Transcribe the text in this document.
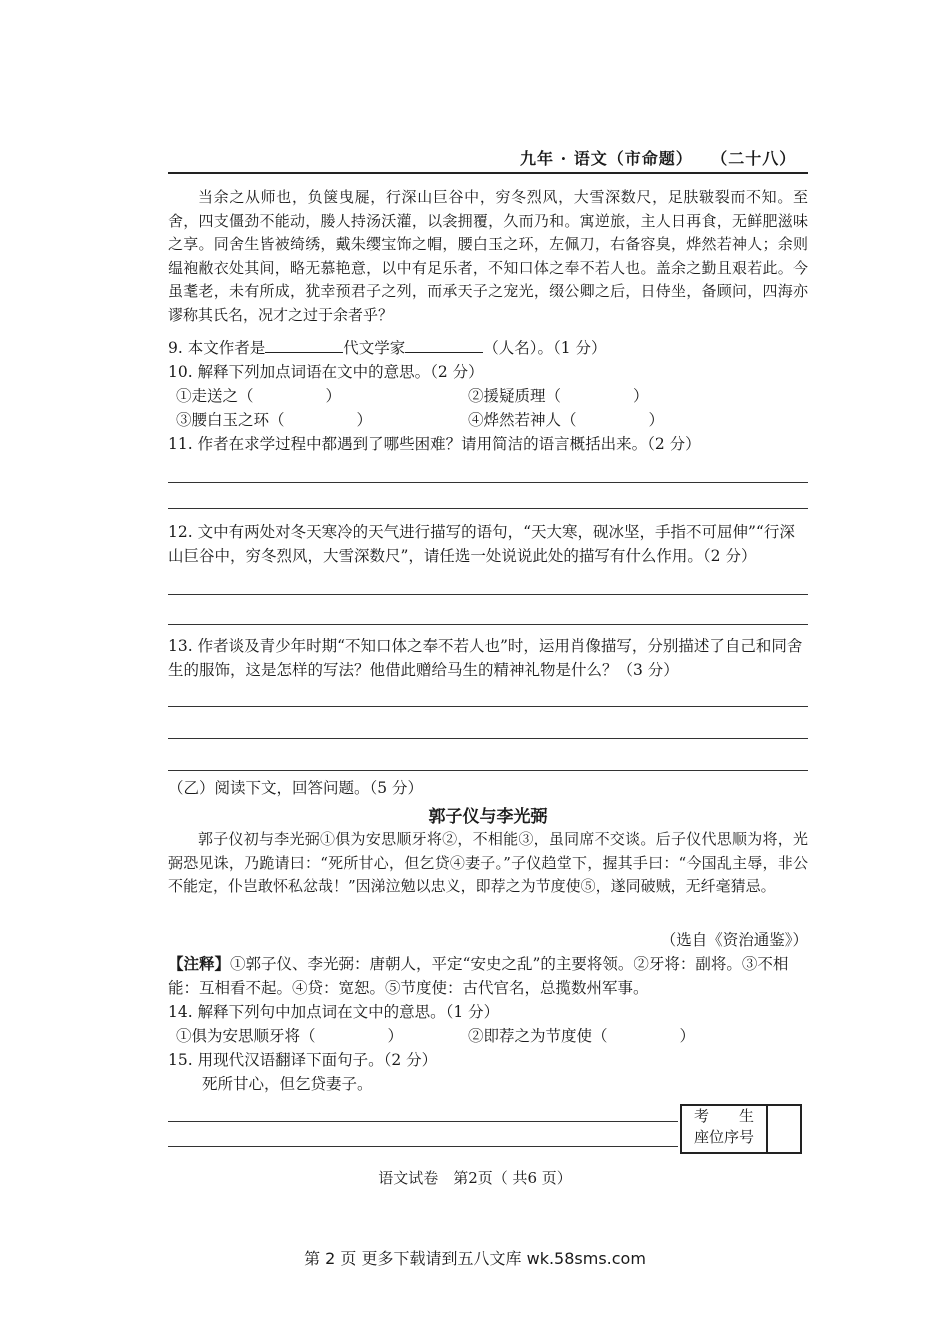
九年 · 语文（市命题） （二十八）

当余之从师也，负箧曳屣，行深山巨谷中，穷冬烈风，大雪深数尺，足肤皲裂而不知。至舍，四支僵劲不能动，媵人持汤沃灌，以衾拥覆，久而乃和。寓逆旅，主人日再食，无鲜肥滋味之享。同舍生皆被绮绣，戴朱缨宝饰之帽，腰白玉之环，左佩刀，右备容臭，烨然若神人；余则缊袍敝衣处其间，略无慕艳意，以中有足乐者，不知口体之奉不若人也。盖余之勤且艰若此。今虽耄老，未有所成，犹幸预君子之列，而承天子之宠光，缀公卿之后，日侍坐，备顾问，四海亦谬称其氏名，况才之过于余者乎？

9. 本文作者是	代文学家	（人名）。（1 分）
10. 解释下列加点词语在文中的意思。（2 分）
①走送之（	）	②援疑质理（	）
③腰白玉之环（	）	④烨然若神人（	）
11. 作者在求学过程中都遇到了哪些困难？请用简洁的语言概括出来。（2 分）
12. 文中有两处对冬天寒冷的天气进行描写的语句，“天大寒，砚冰坚，手指不可屈伸”“行深山巨谷中，穷冬烈风，大雪深数尺”，请任选一处说说此处的描写有什么作用。（2 分）
13. 作者谈及青少年时期“不知口体之奉不若人也”时，运用肖像描写，分别描述了自己和同舍生的服饰，这是怎样的写法？他借此赠给马生的精神礼物是什么？（3 分）
（乙）阅读下文，回答问题。（5 分）
郭子仪与李光弼

郭子仪初与李光弼①俱为安思顺牙将②，不相能③，虽同席不交谈。后子仪代思顺为将，光弼恐见诛，乃跪请曰：“死所甘心，但乞贷④妻子。”子仪趋堂下，握其手曰：“今国乱主辱，非公不能定，仆岂敢怀私忿哉！”因涕泣勉以忠义，即荐之为节度使⑤，遂同破贼，无纤毫猜忌。

（选自《资治通鉴》）
【注释】①郭子仪、李光弼：唐朝人，平定“安史之乱”的主要将领。②牙将：副将。③不相能：互相看不起。④贷：宽恕。⑤节度使：古代官名，总揽数州军事。
14. 解释下列句中加点词在文中的意思。（1 分）
①俱为安思顺牙将（	）	②即荐之为节度使（	）
15. 用现代汉语翻译下面句子。（2 分）
死所甘心，但乞贷妻子。
考　　生
座位序号
语文试卷　第2页（ 共6 页）
第 2 页 更多下载请到五八文库 wk.58sms.com
